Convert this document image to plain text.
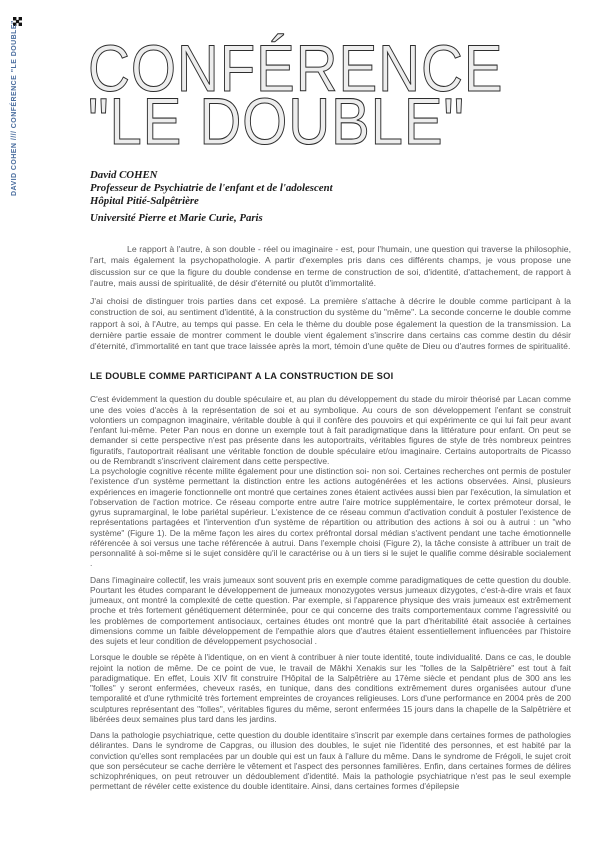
DAVID COHEN //// CONFÉRENCE "LE DOUBLE" CONFÉRENCE
"LE DOUBLE"
David COHEN
Professeur de Psychiatrie de l'enfant et de l'adolescent
Hôpital Pitié-Salpêtrière
Université Pierre et Marie Curie, Paris

Le rapport à l'autre, à son double - réel ou imaginaire - est, pour l'humain, une question qui traverse la philosophie, l'art, mais également la psychopathologie. A partir d'exemples pris dans ces différents champs, je vous propose une discussion sur ce que la figure du double condense en terme de construction de soi, d'identité, d'attachement, de rapport à l'autre, mais aussi de spiritualité, de désir d'éternité ou plutôt d'immortalité.

J'ai choisi de distinguer trois parties dans cet exposé. La première s'attache à décrire le double comme participant à la construction de soi, au sentiment d'identité, à la construction du système du "même". La seconde concerne le double comme rapport à soi, à l'Autre, au temps qui passe. En cela le thème du double pose également la question de la transmission. La dernière partie essaie de montrer comment le double vient également s'inscrire dans certains cas comme destin du désir d'éternité, d'immortalité en tant que trace laissée après la mort, témoin d'une quête de Dieu ou d'autres formes de spiritualité.

LE DOUBLE COMME PARTICIPANT A LA CONSTRUCTION DE SOI

C'est évidemment la question du double spéculaire et, au plan du développement du stade du miroir théorisé par Lacan comme une des voies d'accès à la représentation de soi et au symbolique. Au cours de son développement l'enfant se construit volontiers un compagnon imaginaire, véritable double à qui il confère des pouvoirs et qui expérimente ce qui lui fait peur avant l'enfant lui-même. Peter Pan nous en donne un exemple tout à fait paradigmatique dans la littérature pour enfant. On peut se demander si cette perspective n'est pas présente dans les autoportraits, véritables figures de style de très nombreux peintres figuratifs, l'autoportrait réalisant une véritable fonction de double spéculaire et/ou imaginaire. Certains autoportraits de Picasso ou de Rembrandt s'inscrivent clairement dans cette perspective.

La psychologie cognitive récente milite également pour une distinction soi- non soi. Certaines recherches ont permis de postuler l'existence d'un système permettant la distinction entre les actions autogénérées et les actions observées. Ainsi, plusieurs expériences en imagerie fonctionnelle ont montré que certaines zones étaient activées aussi bien par l'exécution, la simulation et l'observation de l'action motrice. Ce réseau comporte entre autre l'aire motrice supplémentaire, le cortex prémoteur dorsal, le gyrus supramarginal, le lobe pariétal supérieur. L'existence de ce réseau commun d'activation conduit à postuler l'existence de représentations partagées et l'intervention d'un système de répartition ou attribution des actions à soi ou à autrui : un "who système" (Figure 1). De la même façon les aires du cortex préfrontal dorsal médian s'activent pendant une tache émotionnelle référencée à soi versus une tache référencée à autrui. Dans l'exemple choisi (Figure 2), la tâche consiste à attribuer un trait de personnalité à soi-même si le sujet considère qu'il le caractérise ou à un tiers si le sujet le qualifie comme désirable socialement .

Dans l'imaginaire collectif, les vrais jumeaux sont souvent pris en exemple comme paradigmatiques de cette question du double. Pourtant les études comparant le développement de jumeaux monozygotes versus jumeaux dizygotes, c'est-à-dire vrais et faux jumeaux, ont montré la complexité de cette question. Par exemple, si l'apparence physique des vrais jumeaux est extrêmement proche et très fortement génétiquement déterminée, pour ce qui concerne des traits comportementaux comme l'agressivité ou les problèmes de comportement antisociaux, certaines études ont montré que la part d'héritabilité était associée à certaines dimensions comme un faible développement de l'empathie alors que d'autres étaient essentiellement influencées par l'histoire des sujets et leur condition de développement psychosocial .

Lorsque le double se répète à l'identique, on en vient à contribuer à nier toute identité, toute individualité. Dans ce cas, le double rejoint la notion de même. De ce point de vue, le travail de Mâkhi Xenakis sur les "folles de la Salpêtrière" est tout à fait paradigmatique. En effet, Louis XIV fit construire l'Hôpital de la Salpêtrière au 17ème siècle et pendant plus de 300 ans les "folles" y seront enfermées, cheveux rasés, en tunique, dans des conditions extrêmement dures organisées autour d'une temporalité et d'une rythmicité très fortement empreintes de croyances religieuses. Lors d'une performance en 2004 près de 200 sculptures représentant des "folles", véritables figures du même, seront enfermées 15 jours dans la chapelle de la Salpêtrière et libérées deux semaines plus tard dans les jardins.

Dans la pathologie psychiatrique, cette question du double identitaire s'inscrit par exemple dans certaines formes de pathologies délirantes. Dans le syndrome de Capgras, ou illusion des doubles, le sujet nie l'identité des personnes, et est habité par la conviction qu'elles sont remplacées par un double qui est un faux à l'allure du même. Dans le syndrome de Frégoli, le sujet croit que son persécuteur se cache derrière le vêtement et l'aspect des personnes familières. Enfin, dans certaines formes de délires schizophréniques, on peut retrouver un dédoublement d'identité. Mais la pathologie psychiatrique n'est pas le seul exemple permettant de révéler cette existence du double identitaire. Ainsi, dans certaines formes d'épilepsie
